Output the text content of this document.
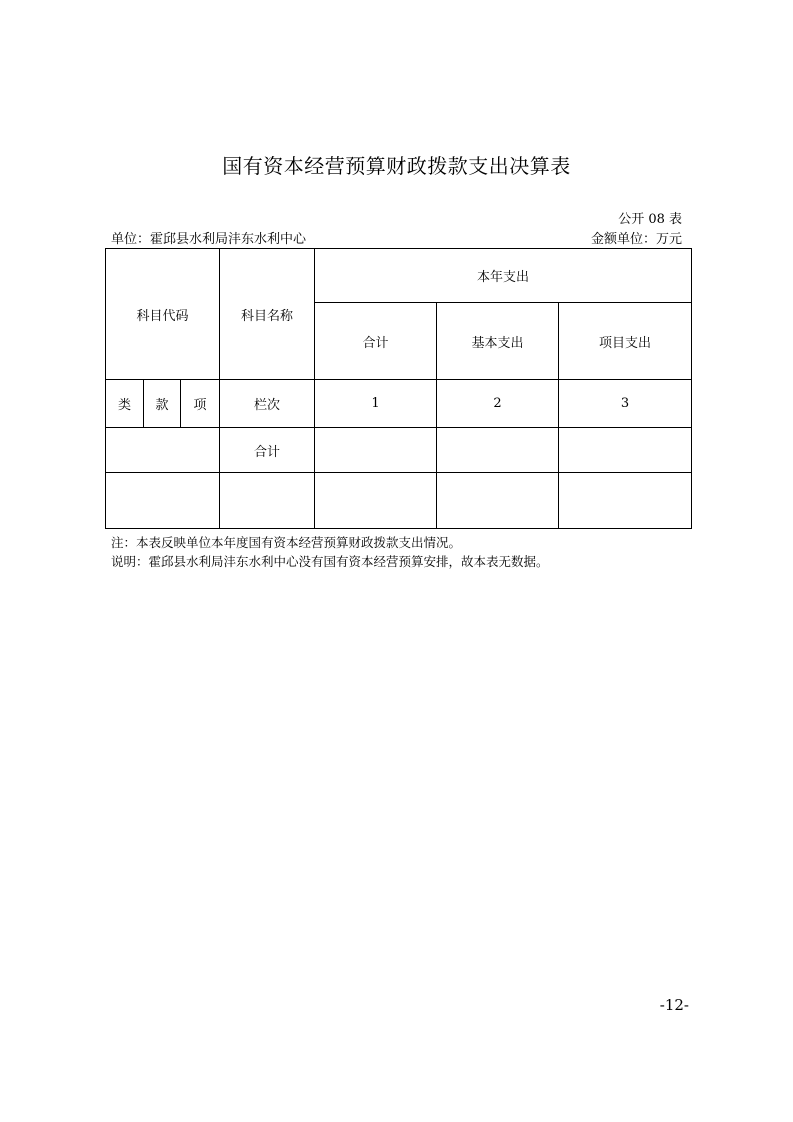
国有资本经营预算财政拨款支出决算表
公开 08 表
单位：霍邱县水利局沣东水利中心	金额单位：万元
科目代码			科目名称	本年支出		
				合计	基本支出	项目支出
类	款	项	栏次	1	2	3
			合计			

注：本表反映单位本年度国有资本经营预算财政拨款支出情况。
说明：霍邱县水利局沣东水利中心没有国有资本经营预算安排，故本表无数据。
-12-
